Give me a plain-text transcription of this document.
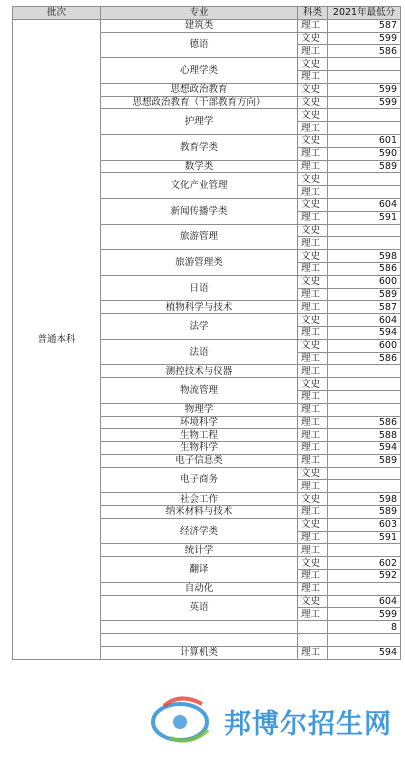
批次	专业	科类	2021年最低分
普通本科	建筑类	理工	587
	德语	文史	599
		理工	586
	心理学类	文史	
		理工	
	思想政治教育	文史	599
	思想政治教育（干部教育方向）	文史	599
	护理学	文史	
		理工	
	教育学类	文史	601
		理工	590
	数学类	理工	589
	文化产业管理	文史	
		理工	
	新闻传播学类	文史	604
		理工	591
	旅游管理	文史	
		理工	
	旅游管理类	文史	598
		理工	586
	日语	文史	600
		理工	589
	植物科学与技术	理工	587
	法学	文史	604
		理工	594
	法语	文史	600
		理工	586
	测控技术与仪器	理工	
	物流管理	文史	
		理工	
	物理学	理工	
	环境科学	理工	586
	生物工程	理工	588
	生物科学	理工	594
	电子信息类	理工	589
	电子商务	文史	
		理工	
	社会工作	文史	598
	纳米材料与技术	理工	589
	经济学类	文史	603
		理工	591
	统计学	理工	
	翻译	文史	602
		理工	592
	自动化	理工	
	英语	文史	604
		理工	599
			8

	计算机类	理工	594
邦博尔招生网
